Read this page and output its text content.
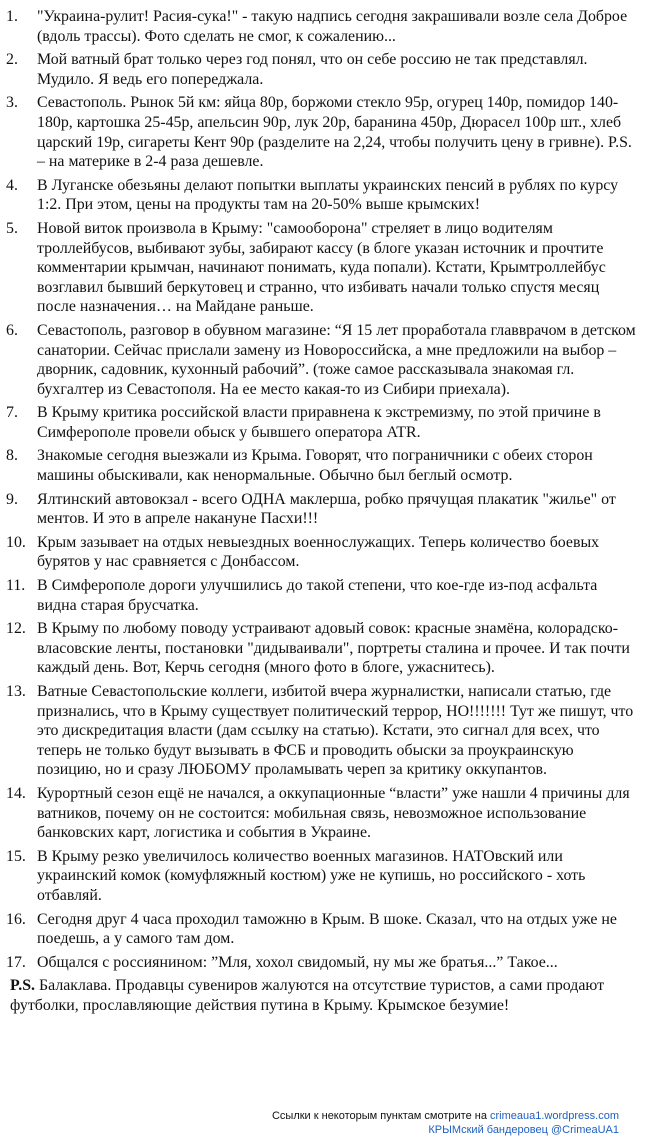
1.	"Украина-рулит! Расия-сука!" - такую надпись сегодня закрашивали возле села Доброе (вдоль трассы). Фото сделать не смог, к сожалению...
2.	Мой ватный брат только через год понял, что он себе россию не так представлял. Мудило. Я ведь его попереджала.
3.	Севастополь. Рынок 5й км: яйца 80р, боржоми стекло 95р, огурец 140р, помидор 140-180р, картошка 25-45р, апельсин 90р, лук 20р, баранина 450р, Дюрасел 100р шт., хлеб царский 19р, сигареты Кент 90р (разделите на 2,24, чтобы получить цену в гривне). P.S. – на материке в 2-4 раза дешевле.
4.	В Луганске обезьяны делают попытки выплаты украинских пенсий в рублях по курсу 1:2. При этом, цены на продукты там на 20-50% выше крымских!
5.	Новой виток произвола в Крыму: "самооборона" стреляет в лицо водителям троллейбусов, выбивают зубы, забирают кассу (в блоге указан источник и прочтите комментарии крымчан, начинают понимать, куда попали). Кстати, Крымтроллейбус возглавил бывший беркутовец и странно, что избивать начали только спустя месяц после назначения… на Майдане раньше.
6.	Севастополь, разговор в обувном магазине: “Я 15 лет проработала главврачом в детском санатории. Сейчас прислали замену из Новороссийска, а мне предложили на выбор – дворник, садовник, кухонный рабочий”. (тоже самое рассказывала знакомая гл. бухгалтер из Севастополя. На ее место какая-то из Сибири приехала).
7.	В Крыму критика российской власти приравнена к экстремизму, по этой причине в Симферополе провели обыск у бывшего оператора ATR.
8.	Знакомые сегодня выезжали из Крыма. Говорят, что пограничники с обеих сторон машины обыскивали, как ненормальные. Обычно был беглый осмотр.
9.	Ялтинский автовокзал - всего ОДНА маклерша, робко прячущая плакатик "жилье" от ментов. И это в апреле накануне Пасхи!!!
10. Крым зазывает на отдых невыездных военнослужащих. Теперь количество боевых бурятов у нас сравняется с Донбассом.
11. В Симферополе дороги улучшились до такой степени, что кое-где из-под асфальта видна старая брусчатка.
12. В Крыму по любому поводу устраивают адовый совок: красные знамёна, колорадско-власовские ленты, постановки "дидываивали", портреты сталина и прочее. И так почти каждый день. Вот, Керчь сегодня (много фото в блоге, ужаснитесь).
13. Ватные Севастопольские коллеги, избитой вчера журналистки, написали статью, где признались, что в Крыму существует политический террор, НО!!!!!!! Тут же пишут, что это дискредитация власти (дам ссылку на статью). Кстати, это сигнал для всех, что теперь не только будут вызывать в ФСБ и проводить обыски за проукраинскую позицию, но и сразу ЛЮБОМУ проламывать череп за критику оккупантов.
14. Курортный сезон ещё не начался, а оккупационные “власти” уже нашли 4 причины для ватников, почему он не состоится: мобильная связь, невозможное использование банковских карт, логистика и события в Украине.
15. В Крыму резко увеличилось количество военных магазинов. НАТОвский или украинский комок (комуфляжный костюм) уже не купишь, но российского - хоть отбавляй.
16. Сегодня друг 4 часа проходил таможню в Крым. В шоке. Сказал, что на отдых уже не поедешь, а у самого там дом.
17. Общался с россиянином: ”Мля, хохол свидомый, ну мы же братья...” Такое...
P.S. Балаклава. Продавцы сувениров жалуются на отсутствие туристов, а сами продают футболки, прославляющие действия путина в Крыму. Крымское безумие!
Ссылки к некоторым пунктам смотрите на crimeaua1.wordpress.com
КРЫМский бандеровец @CrimeaUA1
